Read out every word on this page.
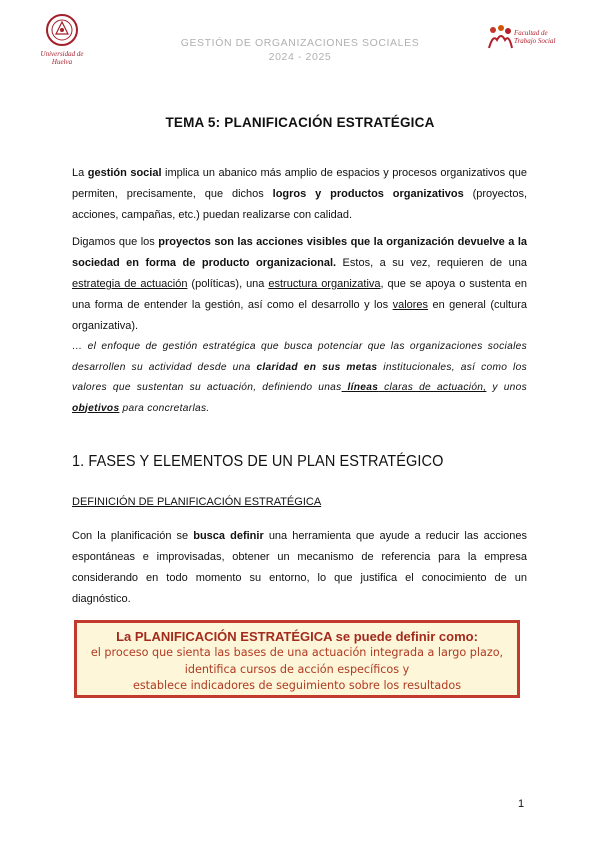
Universidad de Huelva
GESTIÓN DE ORGANIZACIONES SOCIALES
2024 - 2025
Facultad de
Trabajo Social
TEMA 5: PLANIFICACIÓN ESTRATÉGICA

La gestión social implica un abanico más amplio de espacios y procesos organizativos que permiten, precisamente, que dichos logros y productos organizativos (proyectos, acciones, campañas, etc.) puedan realizarse con calidad.

Digamos que los proyectos son las acciones visibles que la organización devuelve a la sociedad en forma de producto organizacional. Estos, a su vez, requieren de una estrategia de actuación (políticas), una estructura organizativa, que se apoya o sustenta en una forma de entender la gestión, así como el desarrollo y los valores en general (cultura organizativa).

… el enfoque de gestión estratégica que busca potenciar que las organizaciones sociales desarrollen su actividad desde una claridad en sus metas institucionales, así como los valores que sustentan su actuación, definiendo unas líneas claras de actuación, y unos objetivos para concretarlas.

1. FASES Y ELEMENTOS DE UN PLAN ESTRATÉGICO
DEFINICIÓN DE PLANIFICACIÓN ESTRATÉGICA

Con la planificación se busca definir una herramienta que ayude a reducir las acciones espontáneas e improvisadas, obtener un mecanismo de referencia para la empresa considerando en todo momento su entorno, lo que justifica el conocimiento de un diagnóstico.

La PLANIFICACIÓN ESTRATÉGICA se puede definir como:
el proceso que sienta las bases de una actuación integrada a largo plazo,
identifica cursos de acción específicos y
establece indicadores de seguimiento sobre los resultados
1
